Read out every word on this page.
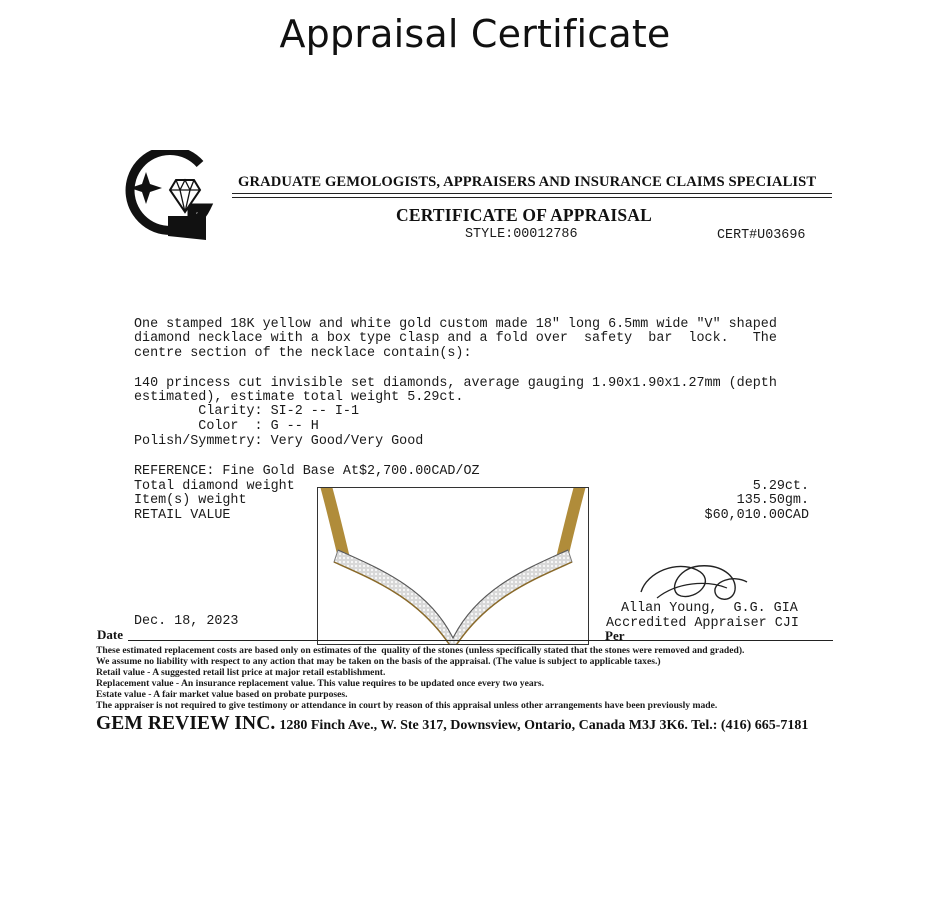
Appraisal Certificate
GRADUATE GEMOLOGISTS, APPRAISERS AND INSURANCE CLAIMS SPECIALIST
CERTIFICATE OF APPRAISAL
STYLE:00012786	CERT#U03696
One stamped 18K yellow and white gold custom made 18" long 6.5mm wide "V" shaped
diamond necklace with a box type clasp and a fold over  safety  bar  lock.   The
centre section of the necklace contain(s):
140 princess cut invisible set diamonds, average gauging 1.90x1.90x1.27mm (depth
estimated), estimate total weight 5.29ct.
Clarity: SI-2 -- I-1
Color  : G -- H
Polish/Symmetry: Very Good/Very Good
REFERENCE: Fine Gold Base At$2,700.00CAD/OZ
Total diamond weight
Item(s) weight
RETAIL VALUE
5.29ct.
135.50gm.
$60,010.00CAD
Allan Young,  G.G. GIA
Accredited Appraiser CJI
Dec. 18, 2023
Date	Per
These estimated replacement costs are based only on estimates of the  quality of the stones (unless specifically stated that the stones were removed and graded).
We assume no liability with respect to any action that may be taken on the basis of the appraisal. (The value is subject to applicable taxes.)
Retail value - A suggested retail list price at major retail establishment.
Replacement value - An insurance replacement value. This value requires to be updated once every two years.
Estate value - A fair market value based on probate purposes.
The appraiser is not required to give testimony or attendance in court by reason of this appraisal unless other arrangements have been previously made.
GEM REVIEW INC. 1280 Finch Ave., W. Ste 317, Downsview, Ontario, Canada M3J 3K6. Tel.: (416) 665-7181
